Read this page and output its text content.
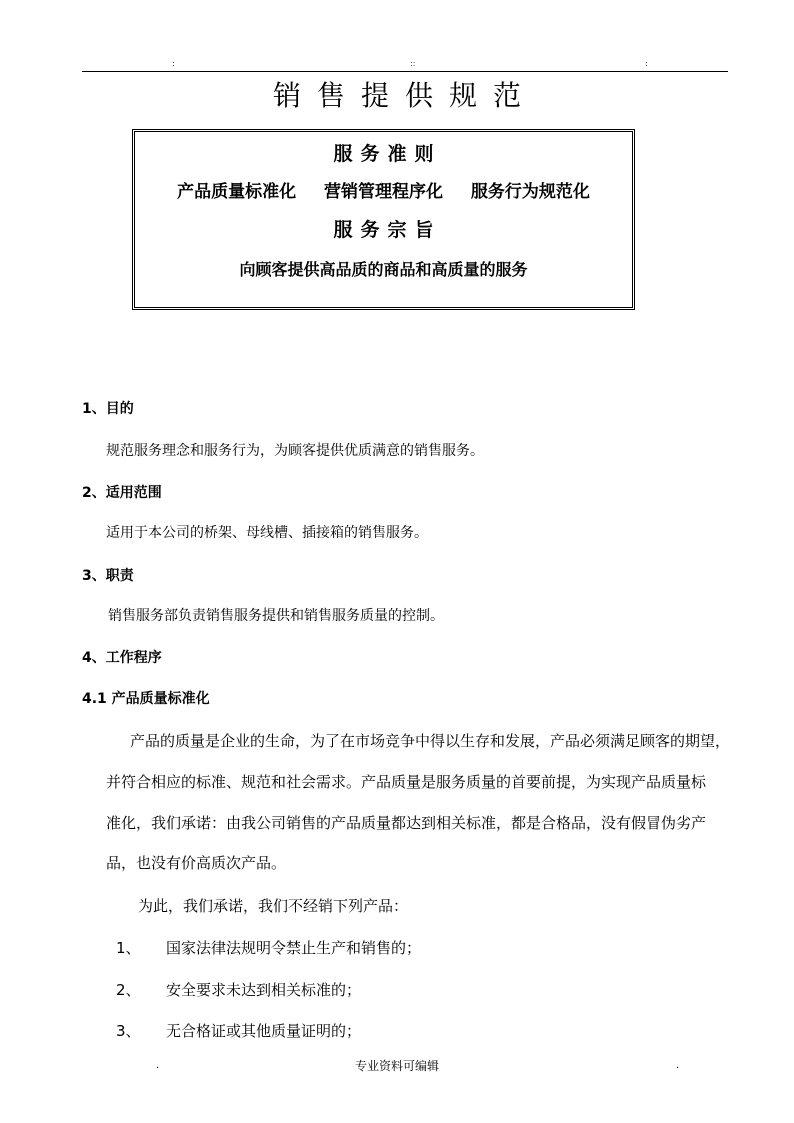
:	::	:
销售提供规范
服务准则
产品质量标准化 营销管理程序化 服务行为规范化
服务宗旨
向顾客提供高品质的商品和高质量的服务
1、目的
规范服务理念和服务行为，为顾客提供优质满意的销售服务。
2、适用范围
适用于本公司的桥架、母线槽、插接箱的销售服务。
3、职责
销售服务部负责销售服务提供和销售服务质量的控制。
4、工作程序
4.1 产品质量标准化
产品的质量是企业的生命，为了在市场竞争中得以生存和发展，产品必须满足顾客的期望，
并符合相应的标准、规范和社会需求。产品质量是服务质量的首要前提，为实现产品质量标
准化，我们承诺：由我公司销售的产品质量都达到相关标准，都是合格品，没有假冒伪劣产
品，也没有价高质次产品。
为此，我们承诺，我们不经销下列产品：
1、 国家法律法规明令禁止生产和销售的；
2、 安全要求未达到相关标准的；
3、 无合格证或其他质量证明的；
.	专业资料可编辑	.
